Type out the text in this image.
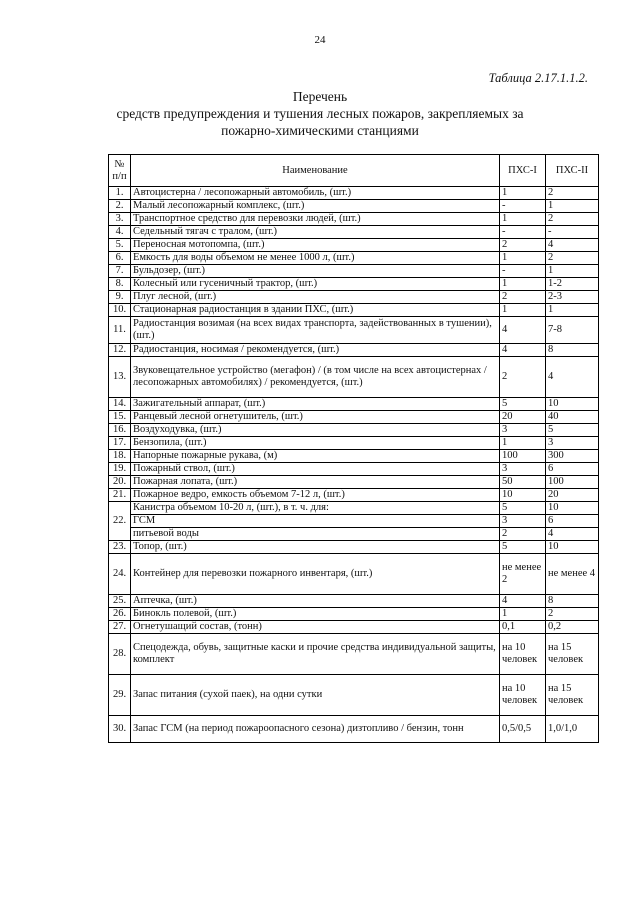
24
Таблица 2.17.1.1.2.
Перечень
средств предупреждения и тушения лесных пожаров, закрепляемых за
пожарно-химическими станциями
№ п/п	Наименование	ПХС-I	ПХС-II
1.	Автоцистерна / лесопожарный автомобиль, (шт.)	1	2
2.	Малый лесопожарный комплекс, (шт.)	-	1
3.	Транспортное средство для перевозки людей, (шт.)	1	2
4.	Седельный тягач с тралом, (шт.)	-	-
5.	Переносная мотопомпа, (шт.)	2	4
6.	Емкость для воды объемом не менее 1000 л, (шт.)	1	2
7.	Бульдозер, (шт.)	-	1
8.	Колесный или гусеничный трактор, (шт.)	1	1-2
9.	Плуг лесной, (шт.)	2	2-3
10.	Стационарная радиостанция в здании ПХС, (шт.)	1	1
11.	Радиостанция возимая (на всех видах транспорта, задействованных в тушении), (шт.)	4	7-8
12.	Радиостанция, носимая / рекомендуется, (шт.)	4	8
13.	Звуковещательное устройство (мегафон) / (в том числе на всех автоцистернах / лесопожарных автомобилях) / рекомендуется, (шт.)	2	4
14.	Зажигательный аппарат, (шт.)	5	10
15.	Ранцевый лесной огнетушитель, (шт.)	20	40
16.	Воздуходувка, (шт.)	3	5
17.	Бензопила, (шт.)	1	3
18.	Напорные пожарные рукава, (м)	100	300
19.	Пожарный ствол, (шт.)	3	6
20.	Пожарная лопата, (шт.)	50	100
21.	Пожарное ведро, емкость объемом 7-12 л, (шт.)	10	20
22.	Канистра объемом 10-20 л, (шт.), в т. ч. для:	5	10
	ГСМ	3	6
	питьевой воды	2	4
23.	Топор, (шт.)	5	10
24.	Контейнер для перевозки пожарного инвентаря, (шт.)	не менее 2	не менее 4
25.	Аптечка, (шт.)	4	8
26.	Бинокль полевой, (шт.)	1	2
27.	Огнетушащий состав, (тонн)	0,1	0,2
28.	Спецодежда, обувь, защитные каски и прочие средства индивидуальной защиты, комплект	на 10 человек	на 15 человек
29.	Запас питания (сухой паек), на одни сутки	на 10 человек	на 15 человек
30.	Запас ГСМ (на период пожароопасного сезона) дизтопливо / бензин, тонн	0,5/0,5	1,0/1,0
